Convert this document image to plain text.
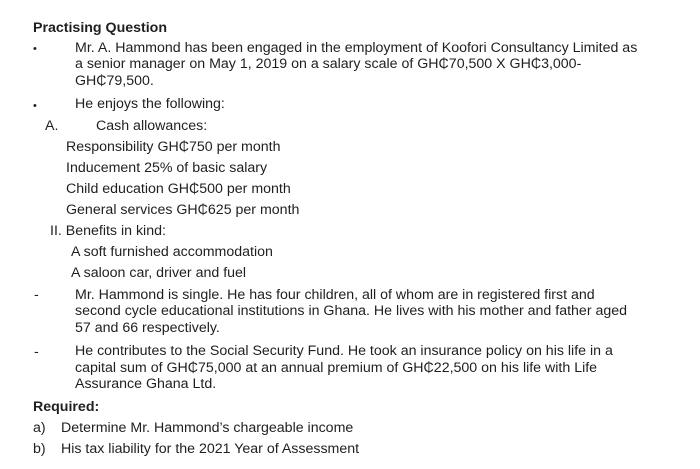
Practising Question
•	Mr. A. Hammond has been engaged in the employment of Koofori Consultancy Limited as
a senior manager on May 1, 2019 on a salary scale of GH₵70,500 X GH₵3,000-
GH₵79,500.
•	He enjoys the following:
A.	Cash allowances:
Responsibility GH₵750 per month
Inducement 25% of basic salary
Child education GH₵500 per month
General services GH₵625 per month
II. Benefits in kind:
A soft furnished accommodation
A saloon car, driver and fuel
-	Mr. Hammond is single. He has four children, all of whom are in registered first and
second cycle educational institutions in Ghana. He lives with his mother and father aged
57 and 66 respectively.
-	He contributes to the Social Security Fund. He took an insurance policy on his life in a
capital sum of GH₵75,000 at an annual premium of GH₵22,500 on his life with Life
Assurance Ghana Ltd.
Required:
a) Determine Mr. Hammond’s chargeable income
b) His tax liability for the 2021 Year of Assessment
